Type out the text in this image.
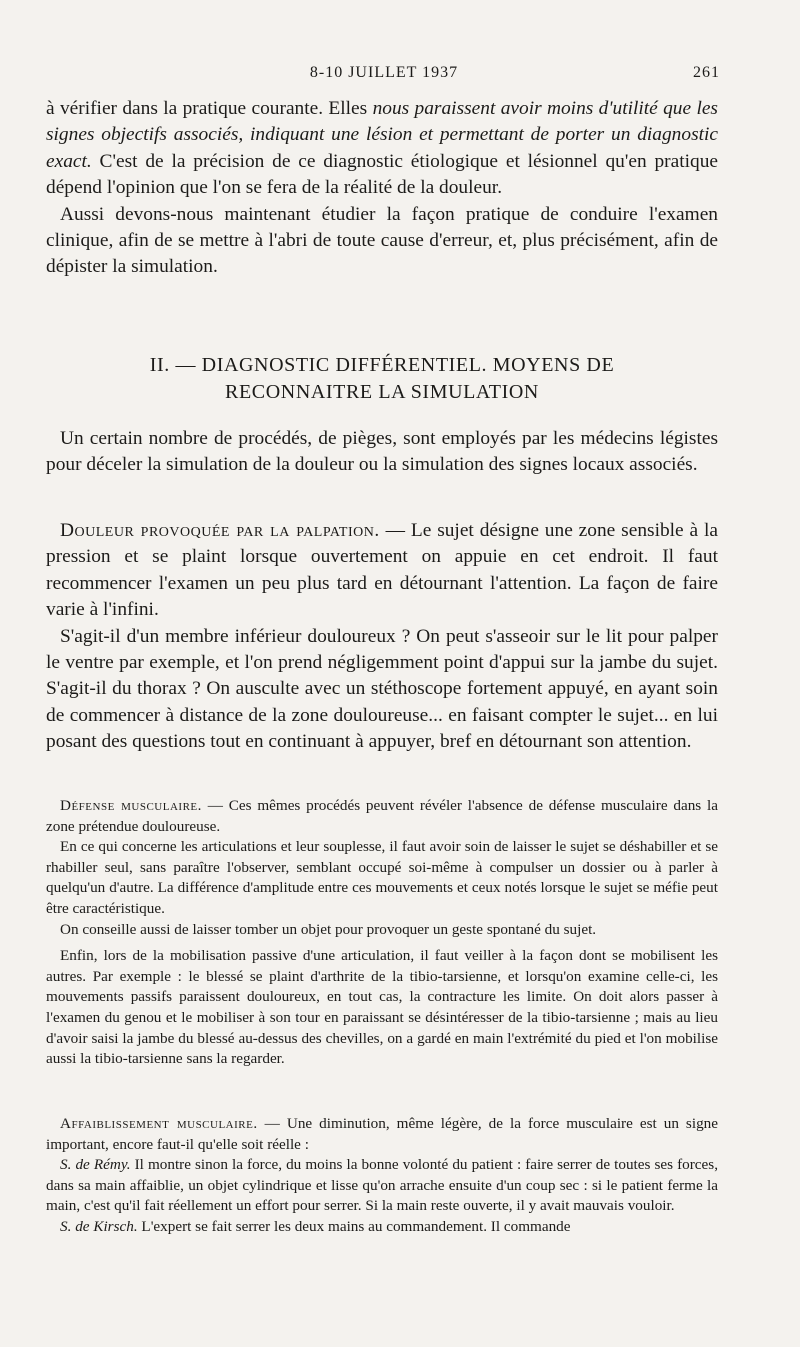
8-10 JUILLET 1937	261

à vérifier dans la pratique courante. Elles nous paraissent avoir moins d'utilité que les signes objectifs associés, indiquant une lésion et permettant de porter un diagnostic exact. C'est de la précision de ce diagnostic étiologique et lésionnel qu'en pratique dépend l'opinion que l'on se fera de la réalité de la douleur.

Aussi devons-nous maintenant étudier la façon pratique de conduire l'examen clinique, afin de se mettre à l'abri de toute cause d'erreur, et, plus précisément, afin de dépister la simulation.

II. — DIAGNOSTIC DIFFÉRENTIEL. MOYENS DE
RECONNAITRE LA SIMULATION

Un certain nombre de procédés, de pièges, sont employés par les médecins légistes pour déceler la simulation de la douleur ou la simulation des signes locaux associés.

Douleur provoquée par la palpation. — Le sujet désigne une zone sensible à la pression et se plaint lorsque ouvertement on appuie en cet endroit. Il faut recommencer l'examen un peu plus tard en détournant l'attention. La façon de faire varie à l'infini.

S'agit-il d'un membre inférieur douloureux ? On peut s'asseoir sur le lit pour palper le ventre par exemple, et l'on prend négligemment point d'appui sur la jambe du sujet. S'agit-il du thorax ? On ausculte avec un stéthoscope fortement appuyé, en ayant soin de commencer à distance de la zone douloureuse... en faisant compter le sujet... en lui posant des questions tout en continuant à appuyer, bref en détournant son attention.

Défense musculaire. — Ces mêmes procédés peuvent révéler l'absence de défense musculaire dans la zone prétendue douloureuse.

En ce qui concerne les articulations et leur souplesse, il faut avoir soin de laisser le sujet se déshabiller et se rhabiller seul, sans paraître l'observer, semblant occupé soi-même à compulser un dossier ou à parler à quelqu'un d'autre. La différence d'amplitude entre ces mouvements et ceux notés lorsque le sujet se méfie peut être caractéristique.

On conseille aussi de laisser tomber un objet pour provoquer un geste spontané du sujet.

Enfin, lors de la mobilisation passive d'une articulation, il faut veiller à la façon dont se mobilisent les autres. Par exemple : le blessé se plaint d'arthrite de la tibio-tarsienne, et lorsqu'on examine celle-ci, les mouvements passifs paraissent douloureux, en tout cas, la contracture les limite. On doit alors passer à l'examen du genou et le mobiliser à son tour en paraissant se désintéresser de la tibio-tarsienne ; mais au lieu d'avoir saisi la jambe du blessé au-dessus des chevilles, on a gardé en main l'extrémité du pied et l'on mobilise aussi la tibio-tarsienne sans la regarder.

Affaiblissement musculaire. — Une diminution, même légère, de la force musculaire est un signe important, encore faut-il qu'elle soit réelle :

S. de Rémy. Il montre sinon la force, du moins la bonne volonté du patient : faire serrer de toutes ses forces, dans sa main affaiblie, un objet cylindrique et lisse qu'on arrache ensuite d'un coup sec : si le patient ferme la main, c'est qu'il fait réellement un effort pour serrer. Si la main reste ouverte, il y avait mauvais vouloir.

S. de Kirsch. L'expert se fait serrer les deux mains au commandement. Il commande
